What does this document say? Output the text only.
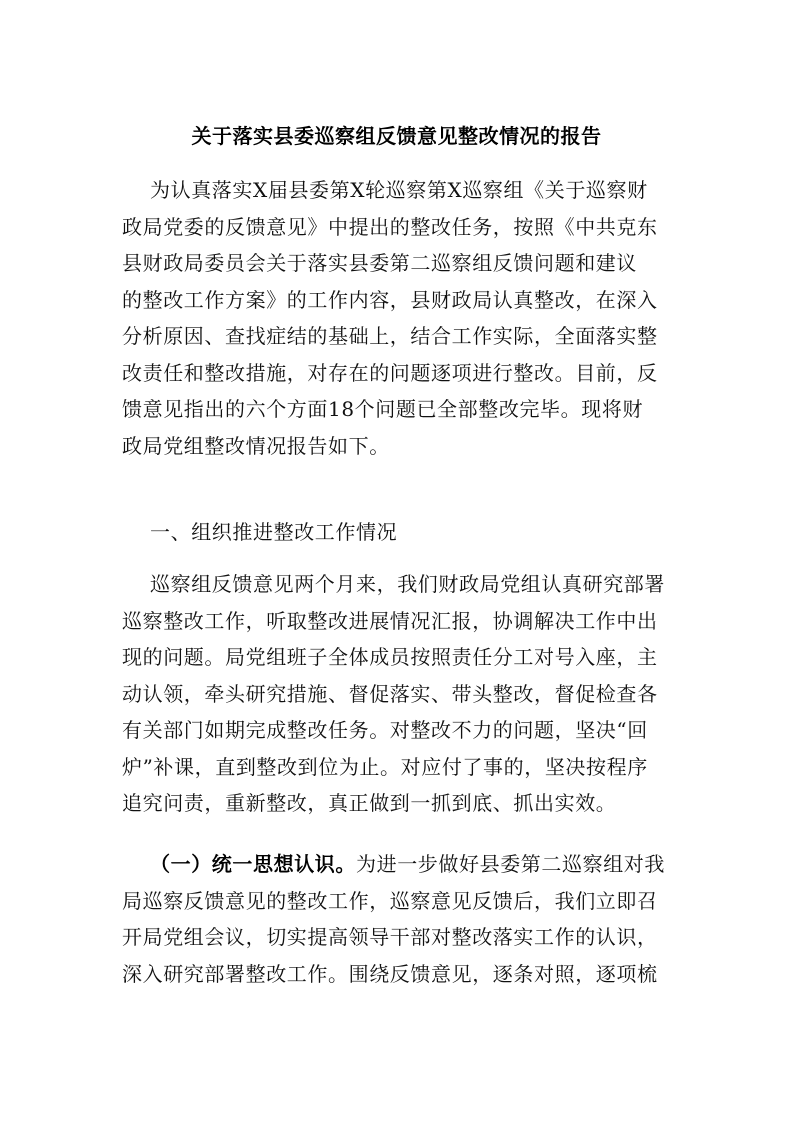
关于落实县委巡察组反馈意见整改情况的报告
为认真落实X届县委第X轮巡察第X巡察组《关于巡察财
政局党委的反馈意见》中提出的整改任务，按照《中共克东
县财政局委员会关于落实县委第二巡察组反馈问题和建议
的整改工作方案》的工作内容，县财政局认真整改，在深入
分析原因、查找症结的基础上，结合工作实际，全面落实整
改责任和整改措施，对存在的问题逐项进行整改。目前，反
馈意见指出的六个方面18个问题已全部整改完毕。现将财
政局党组整改情况报告如下。
一、组织推进整改工作情况
巡察组反馈意见两个月来，我们财政局党组认真研究部署
巡察整改工作，听取整改进展情况汇报，协调解决工作中出
现的问题。局党组班子全体成员按照责任分工对号入座，主
动认领，牵头研究措施、督促落实、带头整改，督促检查各
有关部门如期完成整改任务。对整改不力的问题，坚决“回
炉”补课，直到整改到位为止。对应付了事的，坚决按程序
追究问责，重新整改，真正做到一抓到底、抓出实效。
（一）统一思想认识。为进一步做好县委第二巡察组对我
局巡察反馈意见的整改工作，巡察意见反馈后，我们立即召
开局党组会议，切实提高领导干部对整改落实工作的认识，
深入研究部署整改工作。围绕反馈意见，逐条对照，逐项梳
